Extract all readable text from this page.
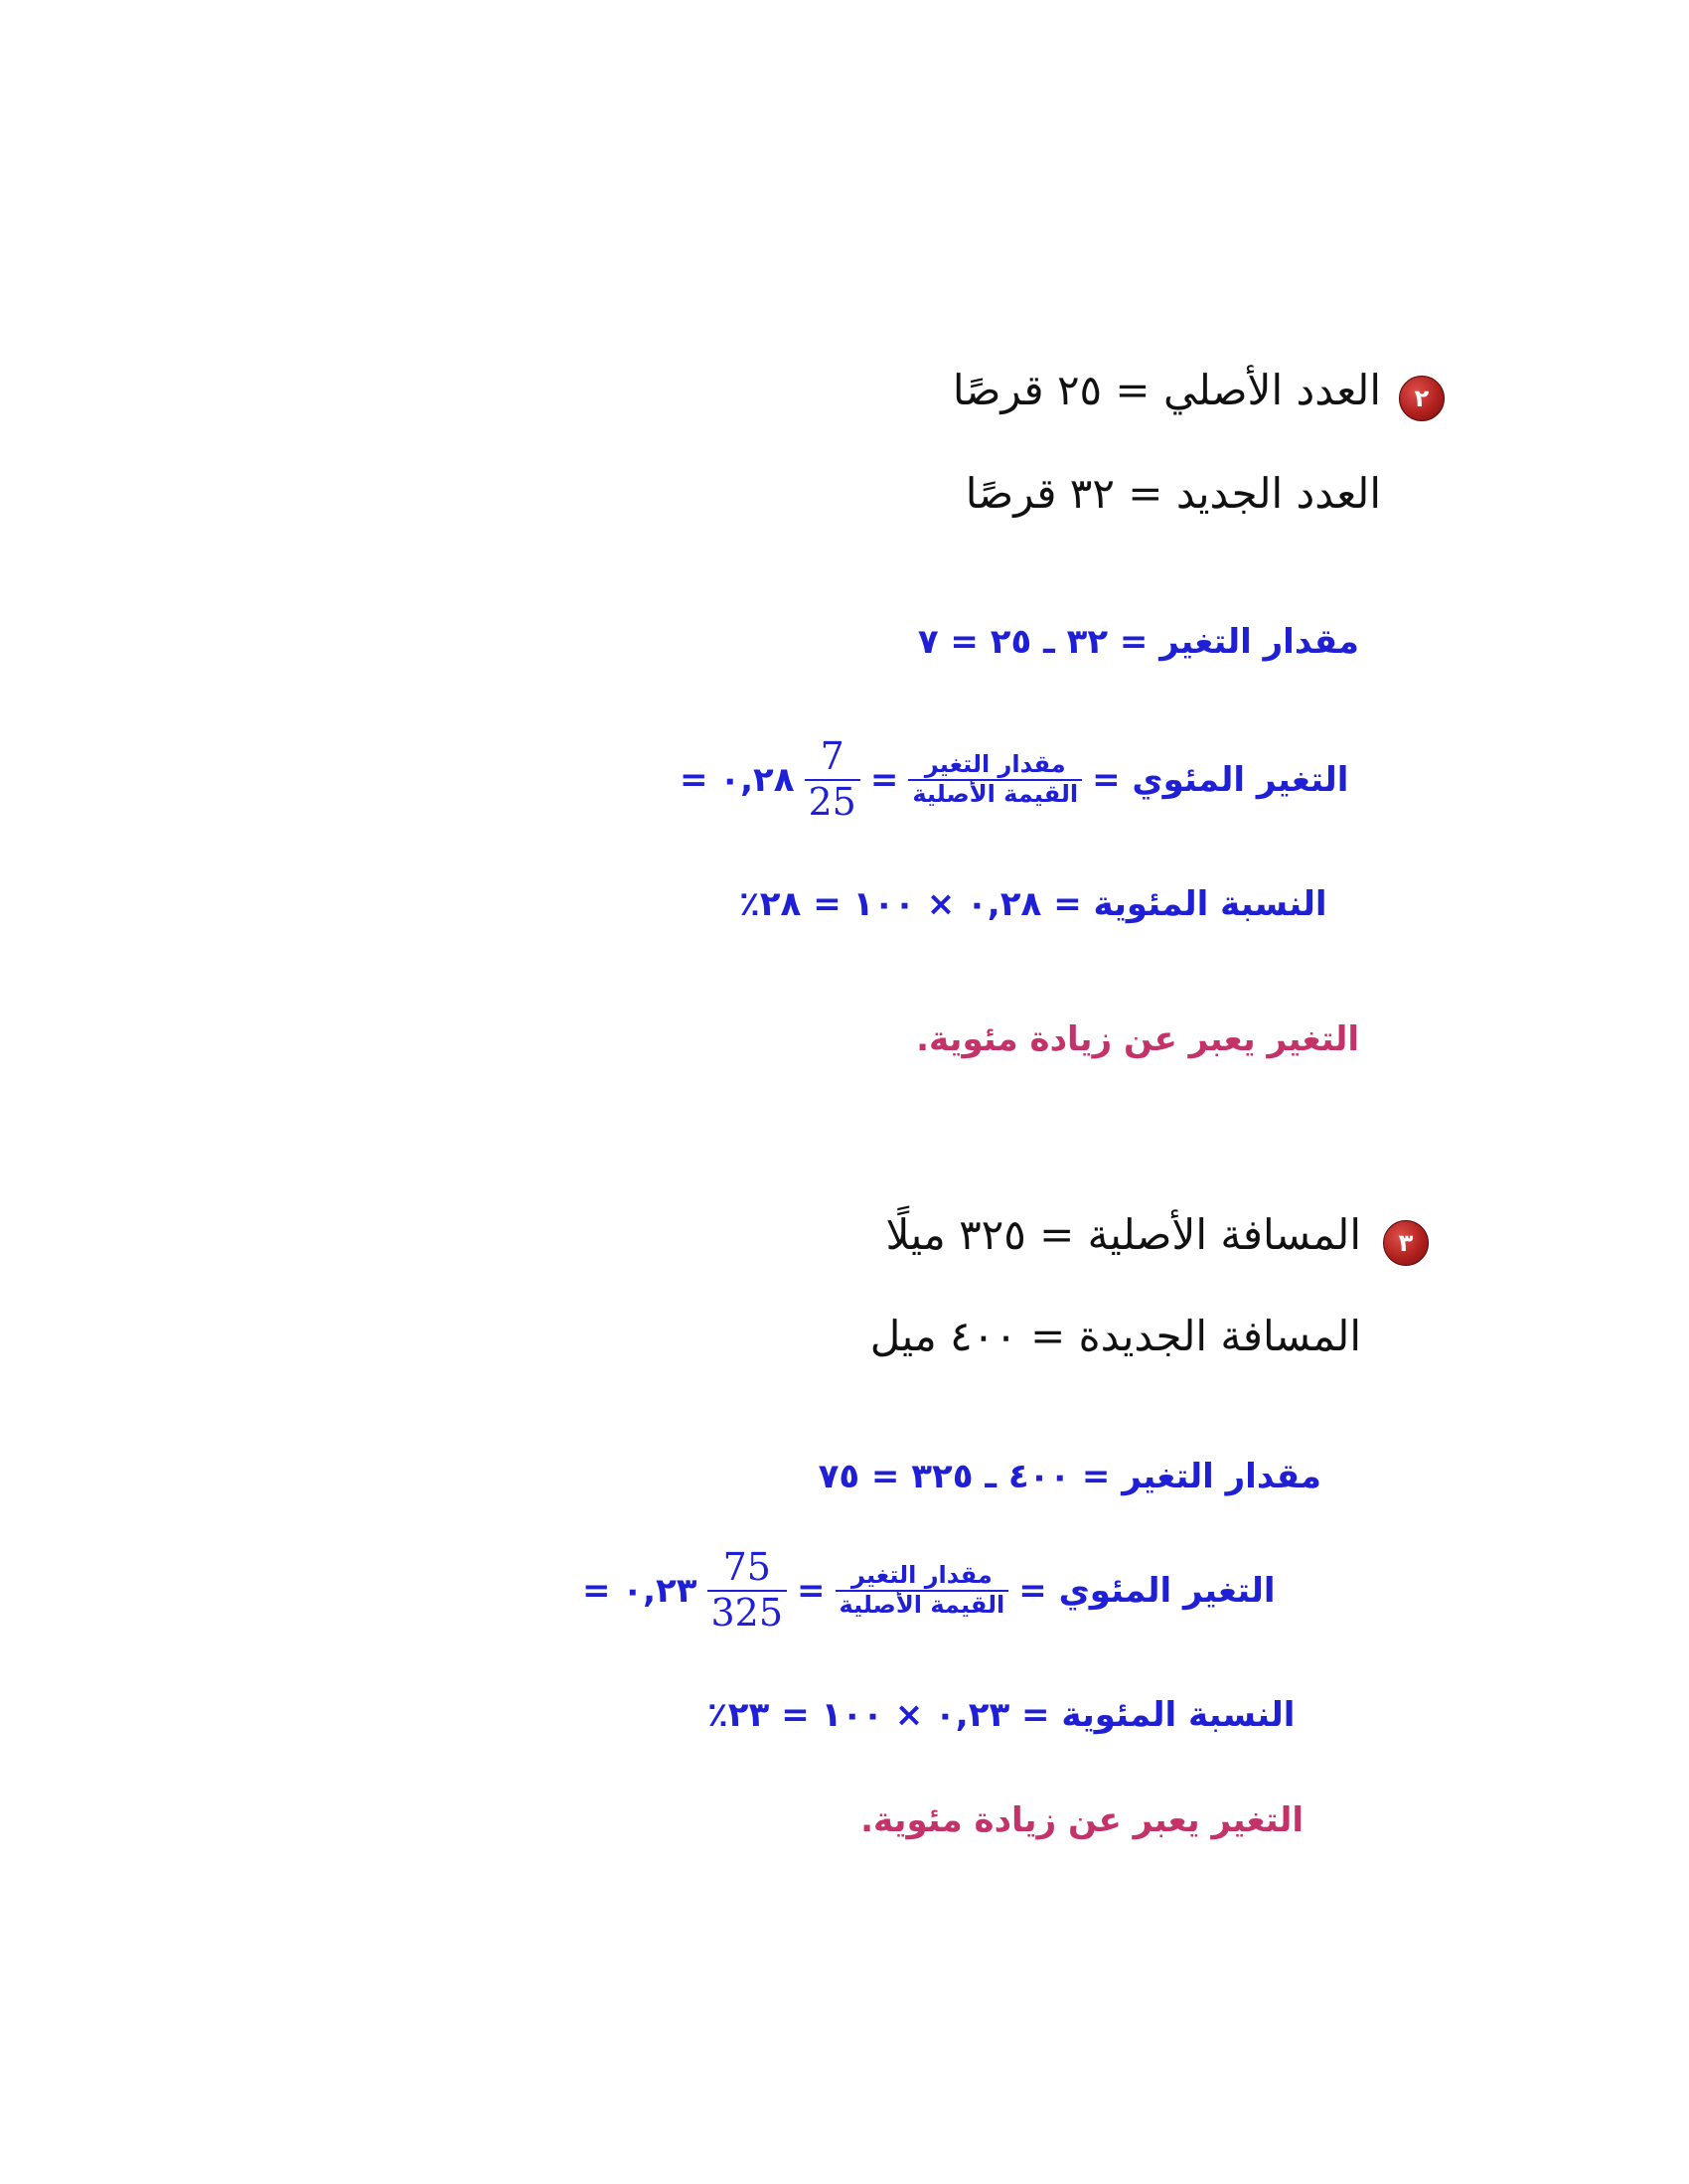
٢
العدد الأصلي = ٢٥ قرصًا
العدد الجديد = ٣٢ قرصًا
مقدار التغير = ٣٢ ـ ٢٥ = ٧
= ٠,٢٨ $\frac{7}{25} = \frac{\text{مقدار التغير}}{\text{القيمة الأصلية}}$ التغير المئوي =
٢٨٪ ٠,٢٨ × ١٠٠ = النسبة المئوية =
التغير يعبر عن زيادة مئوية.
٣
المسافة الأصلية = ٣٢٥ ميلًا
المسافة الجديدة = ٤٠٠ ميل
مقدار التغير = ٤٠٠ ـ ٣٢٥ = ٧٥
= ٠,٢٣ $\frac{75}{325} = \frac{\text{مقدار التغير}}{\text{القيمة الأصلية}}$ التغير المئوي =
٢٣٪ النسبة المئوية = ٠,٢٣ × ١٠٠ =
التغير يعبر عن زيادة مئوية.
